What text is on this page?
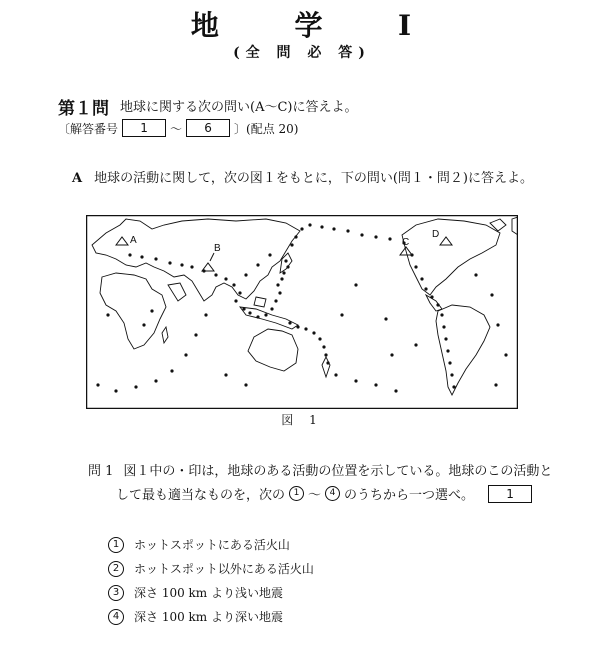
地	学	I
(全 問 必 答)
第１問 地球に関する次の問い(A～C)に答えよ。
〔解答番号	1	～	6	〕(配点 20)
A 地球の活動に関して，次の図１をもとに，下の問い(問１・問２)に答えよ。
A
B
C
D
図 1
問 1 図１中の・印は，地球のある活動の位置を示している。地球のこの活動と
して最も適当なものを，次の 1 ～ 4 のうちから一つ選べ。	1
1	ホットスポットにある活火山
2	ホットスポット以外にある活火山
3	深さ 100 km より浅い地震
4	深さ 100 km より深い地震
